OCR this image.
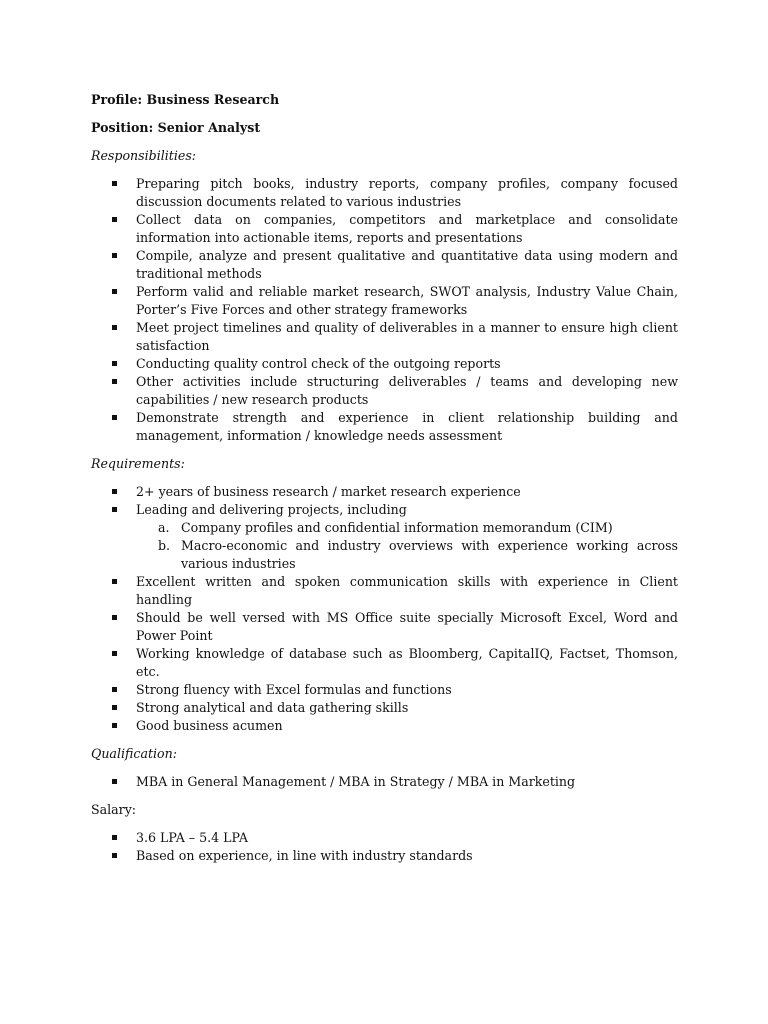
Profile: Business Research

Position: Senior Analyst

Responsibilities:

Preparing pitch books, industry reports, company profiles, company focused discussion documents related to various industries
Collect data on companies, competitors and marketplace and consolidate information into actionable items, reports and presentations
Compile, analyze and present qualitative and quantitative data using modern and traditional methods
Perform valid and reliable market research, SWOT analysis, Industry Value Chain, Porter’s Five Forces and other strategy frameworks
Meet project timelines and quality of deliverables in a manner to ensure high client satisfaction
Conducting quality control check of the outgoing reports
Other activities include structuring deliverables / teams and developing new capabilities / new research products
Demonstrate strength and experience in client relationship building and management, information / knowledge needs assessment

Requirements:

2+ years of business research / market research experience
Leading and delivering projects, including
a. Company profiles and confidential information memorandum (CIM)
b. Macro-economic and industry overviews with experience working across various industries
Excellent written and spoken communication skills with experience in Client handling
Should be well versed with MS Office suite specially Microsoft Excel, Word and Power Point
Working knowledge of database such as Bloomberg, CapitalIQ, Factset, Thomson, etc.
Strong fluency with Excel formulas and functions
Strong analytical and data gathering skills
Good business acumen

Qualification:

MBA in General Management / MBA in Strategy / MBA in Marketing

Salary:

3.6 LPA – 5.4 LPA
Based on experience, in line with industry standards
